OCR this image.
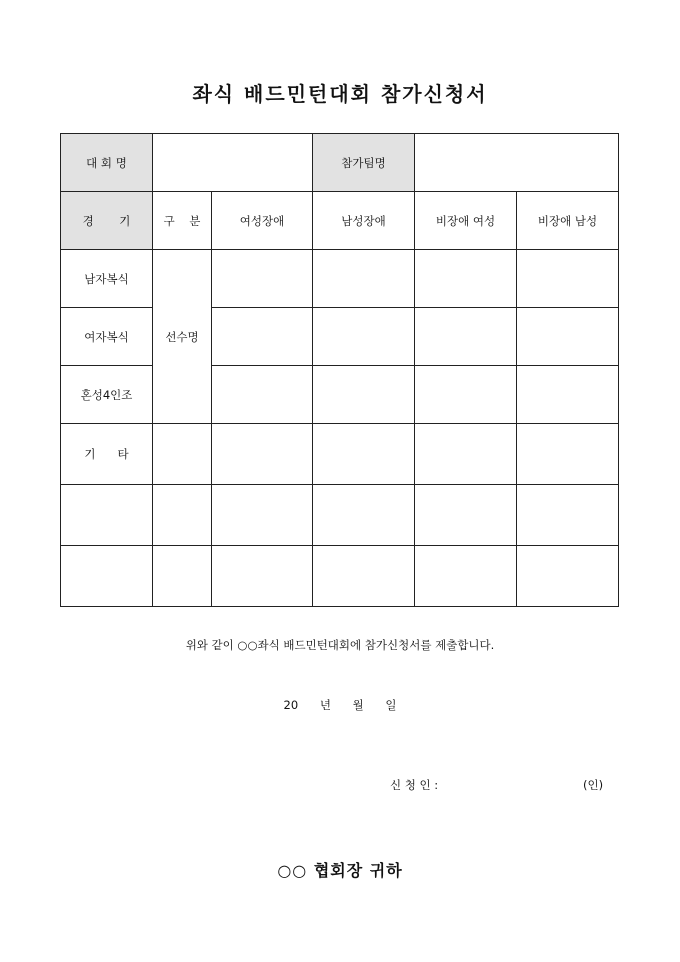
좌식 배드민턴대회 참가신청서
대 회 명			참가팀명		
경       기	구    분	여성장애	남성장애	비장애 여성	비장애 남성
남자복식	선수명				
여자복식					
혼성4인조					
기      타					

위와 같이 ○○좌식 배드민턴대회에 참가신청서를 제출합니다.
20 년 월 일
신 청 인 :	(인)
○○ 협회장 귀하
